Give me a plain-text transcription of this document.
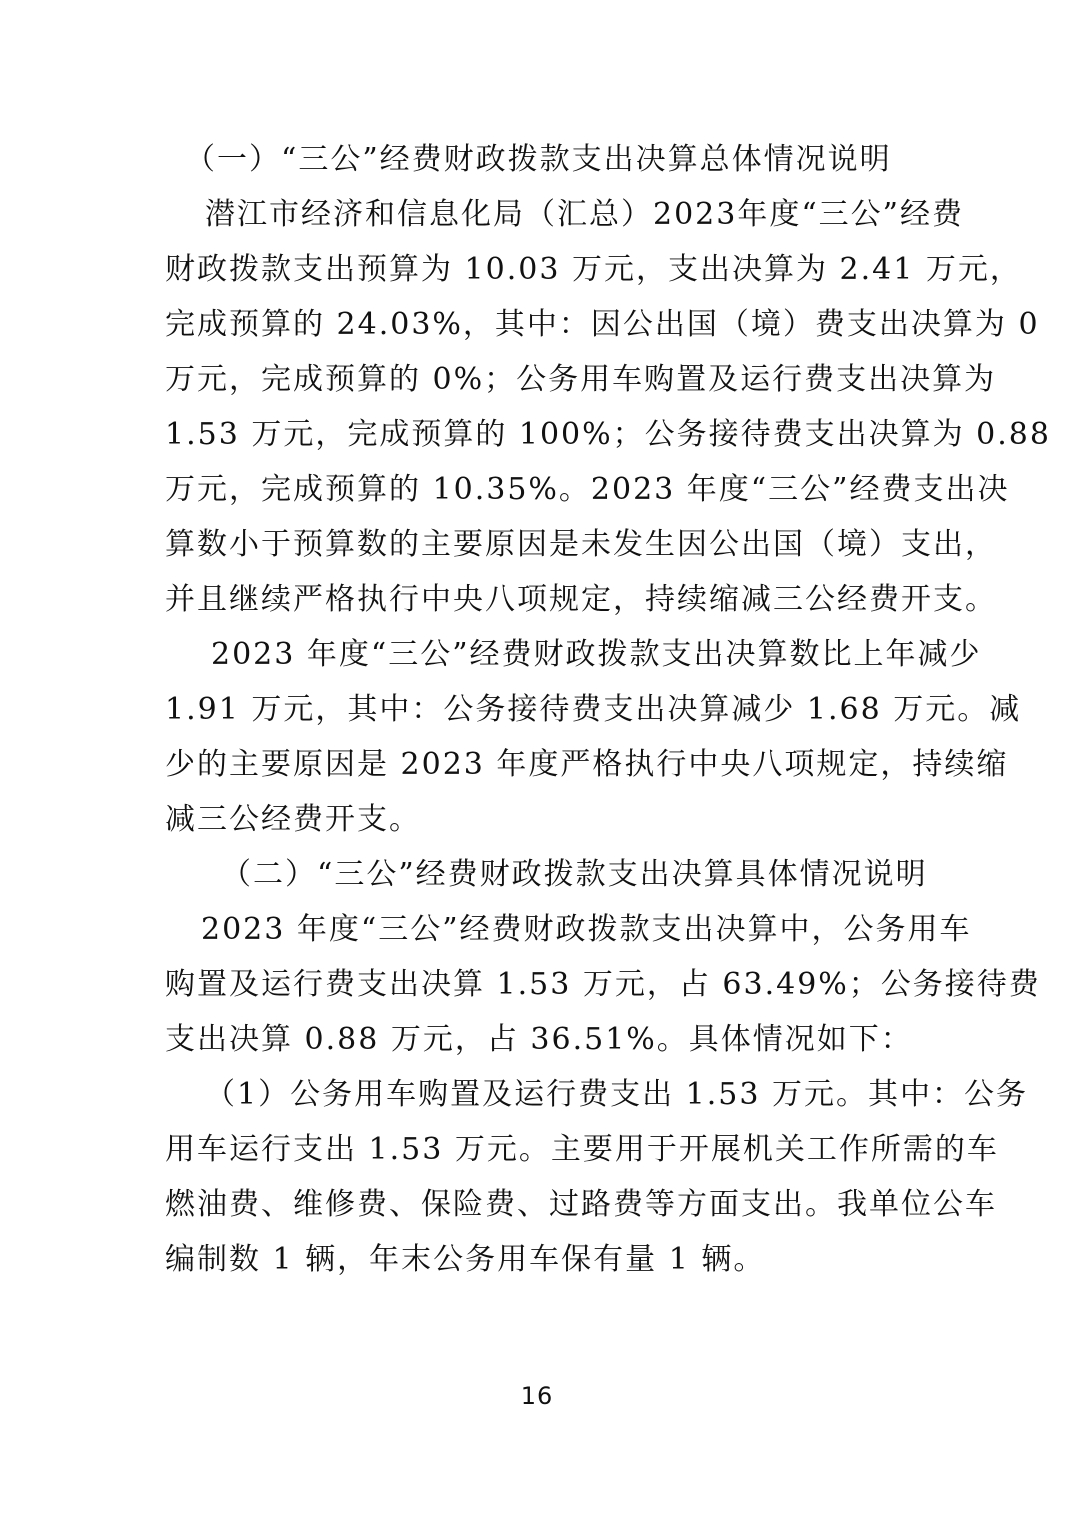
（一）“三公”经费财政拨款支出决算总体情况说明
潜江市经济和信息化局（汇总）2023年度“三公”经费
财政拨款支出预算为 10.03 万元，支出决算为 2.41 万元，
完成预算的 24.03%，其中：因公出国（境）费支出决算为 0
万元，完成预算的 0%；公务用车购置及运行费支出决算为
1.53 万元，完成预算的 100%；公务接待费支出决算为 0.88
万元，完成预算的 10.35%。2023 年度“三公”经费支出决
算数小于预算数的主要原因是未发生因公出国（境）支出，
并且继续严格执行中央八项规定，持续缩减三公经费开支。
2023 年度“三公”经费财政拨款支出决算数比上年减少
1.91 万元，其中：公务接待费支出决算减少 1.68 万元。减
少的主要原因是 2023 年度严格执行中央八项规定，持续缩
减三公经费开支。
（二）“三公”经费财政拨款支出决算具体情况说明
2023 年度“三公”经费财政拨款支出决算中，公务用车
购置及运行费支出决算 1.53 万元，占 63.49%；公务接待费
支出决算 0.88 万元，占 36.51%。具体情况如下：
（1）公务用车购置及运行费支出 1.53 万元。其中：公务
用车运行支出 1.53 万元。主要用于开展机关工作所需的车
燃油费、维修费、保险费、过路费等方面支出。我单位公车
编制数 1 辆，年末公务用车保有量 1 辆。
16
